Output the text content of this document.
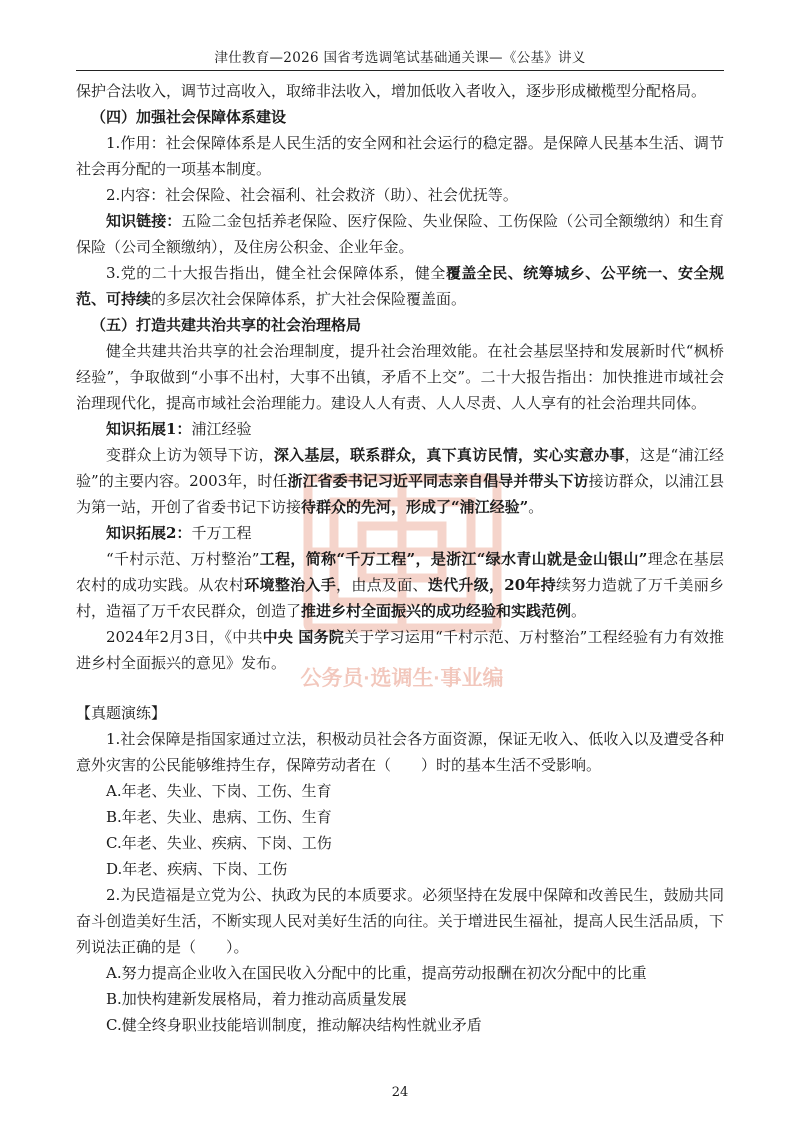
津仕教育—2026 国省考选调笔试基础通关课—《公基》讲义
公务员·选调生·事业编

保护合法收入，调节过高收入，取缔非法收入，增加低收入者收入，逐步形成橄榄型分配格局。

（四）加强社会保障体系建设

1.作用：社会保障体系是人民生活的安全网和社会运行的稳定器。是保障人民基本生活、调节社会再分配的一项基本制度。

2.内容：社会保险、社会福利、社会救济（助）、社会优抚等。

知识链接：五险二金包括养老保险、医疗保险、失业保险、工伤保险（公司全额缴纳）和生育保险（公司全额缴纳），及住房公积金、企业年金。

3.党的二十大报告指出，健全社会保障体系，健全覆盖全民、统筹城乡、公平统一、安全规范、可持续的多层次社会保障体系，扩大社会保险覆盖面。

（五）打造共建共治共享的社会治理格局

健全共建共治共享的社会治理制度，提升社会治理效能。在社会基层坚持和发展新时代“枫桥经验”，争取做到“小事不出村，大事不出镇，矛盾不上交”。二十大报告指出：加快推进市域社会治理现代化，提高市域社会治理能力。建设人人有责、人人尽责、人人享有的社会治理共同体。

知识拓展1：浦江经验

变群众上访为领导下访，深入基层，联系群众，真下真访民情，实心实意办事，这是“浦江经验”的主要内容。2003年，时任浙江省委书记习近平同志亲自倡导并带头下访接访群众，以浦江县为第一站，开创了省委书记下访接待群众的先河，形成了“浦江经验”。

知识拓展2：千万工程

“千村示范、万村整治”工程，简称“千万工程”，是浙江“绿水青山就是金山银山”理念在基层农村的成功实践。从农村环境整治入手，由点及面、迭代升级，20年持续努力造就了万千美丽乡村，造福了万千农民群众，创造了推进乡村全面振兴的成功经验和实践范例。

2024年2月3日，《中共中央 国务院关于学习运用“千村示范、万村整治”工程经验有力有效推进乡村全面振兴的意见》发布。

【真题演练】

1.社会保障是指国家通过立法，积极动员社会各方面资源，保证无收入、低收入以及遭受各种意外灾害的公民能够维持生存，保障劳动者在（　　）时的基本生活不受影响。

A.年老、失业、下岗、工伤、生育

B.年老、失业、患病、工伤、生育

C.年老、失业、疾病、下岗、工伤

D.年老、疾病、下岗、工伤

2.为民造福是立党为公、执政为民的本质要求。必须坚持在发展中保障和改善民生，鼓励共同奋斗创造美好生活，不断实现人民对美好生活的向往。关于增进民生福祉，提高人民生活品质，下列说法正确的是（　　）。

A.努力提高企业收入在国民收入分配中的比重，提高劳动报酬在初次分配中的比重

B.加快构建新发展格局，着力推动高质量发展

C.健全终身职业技能培训制度，推动解决结构性就业矛盾

24
